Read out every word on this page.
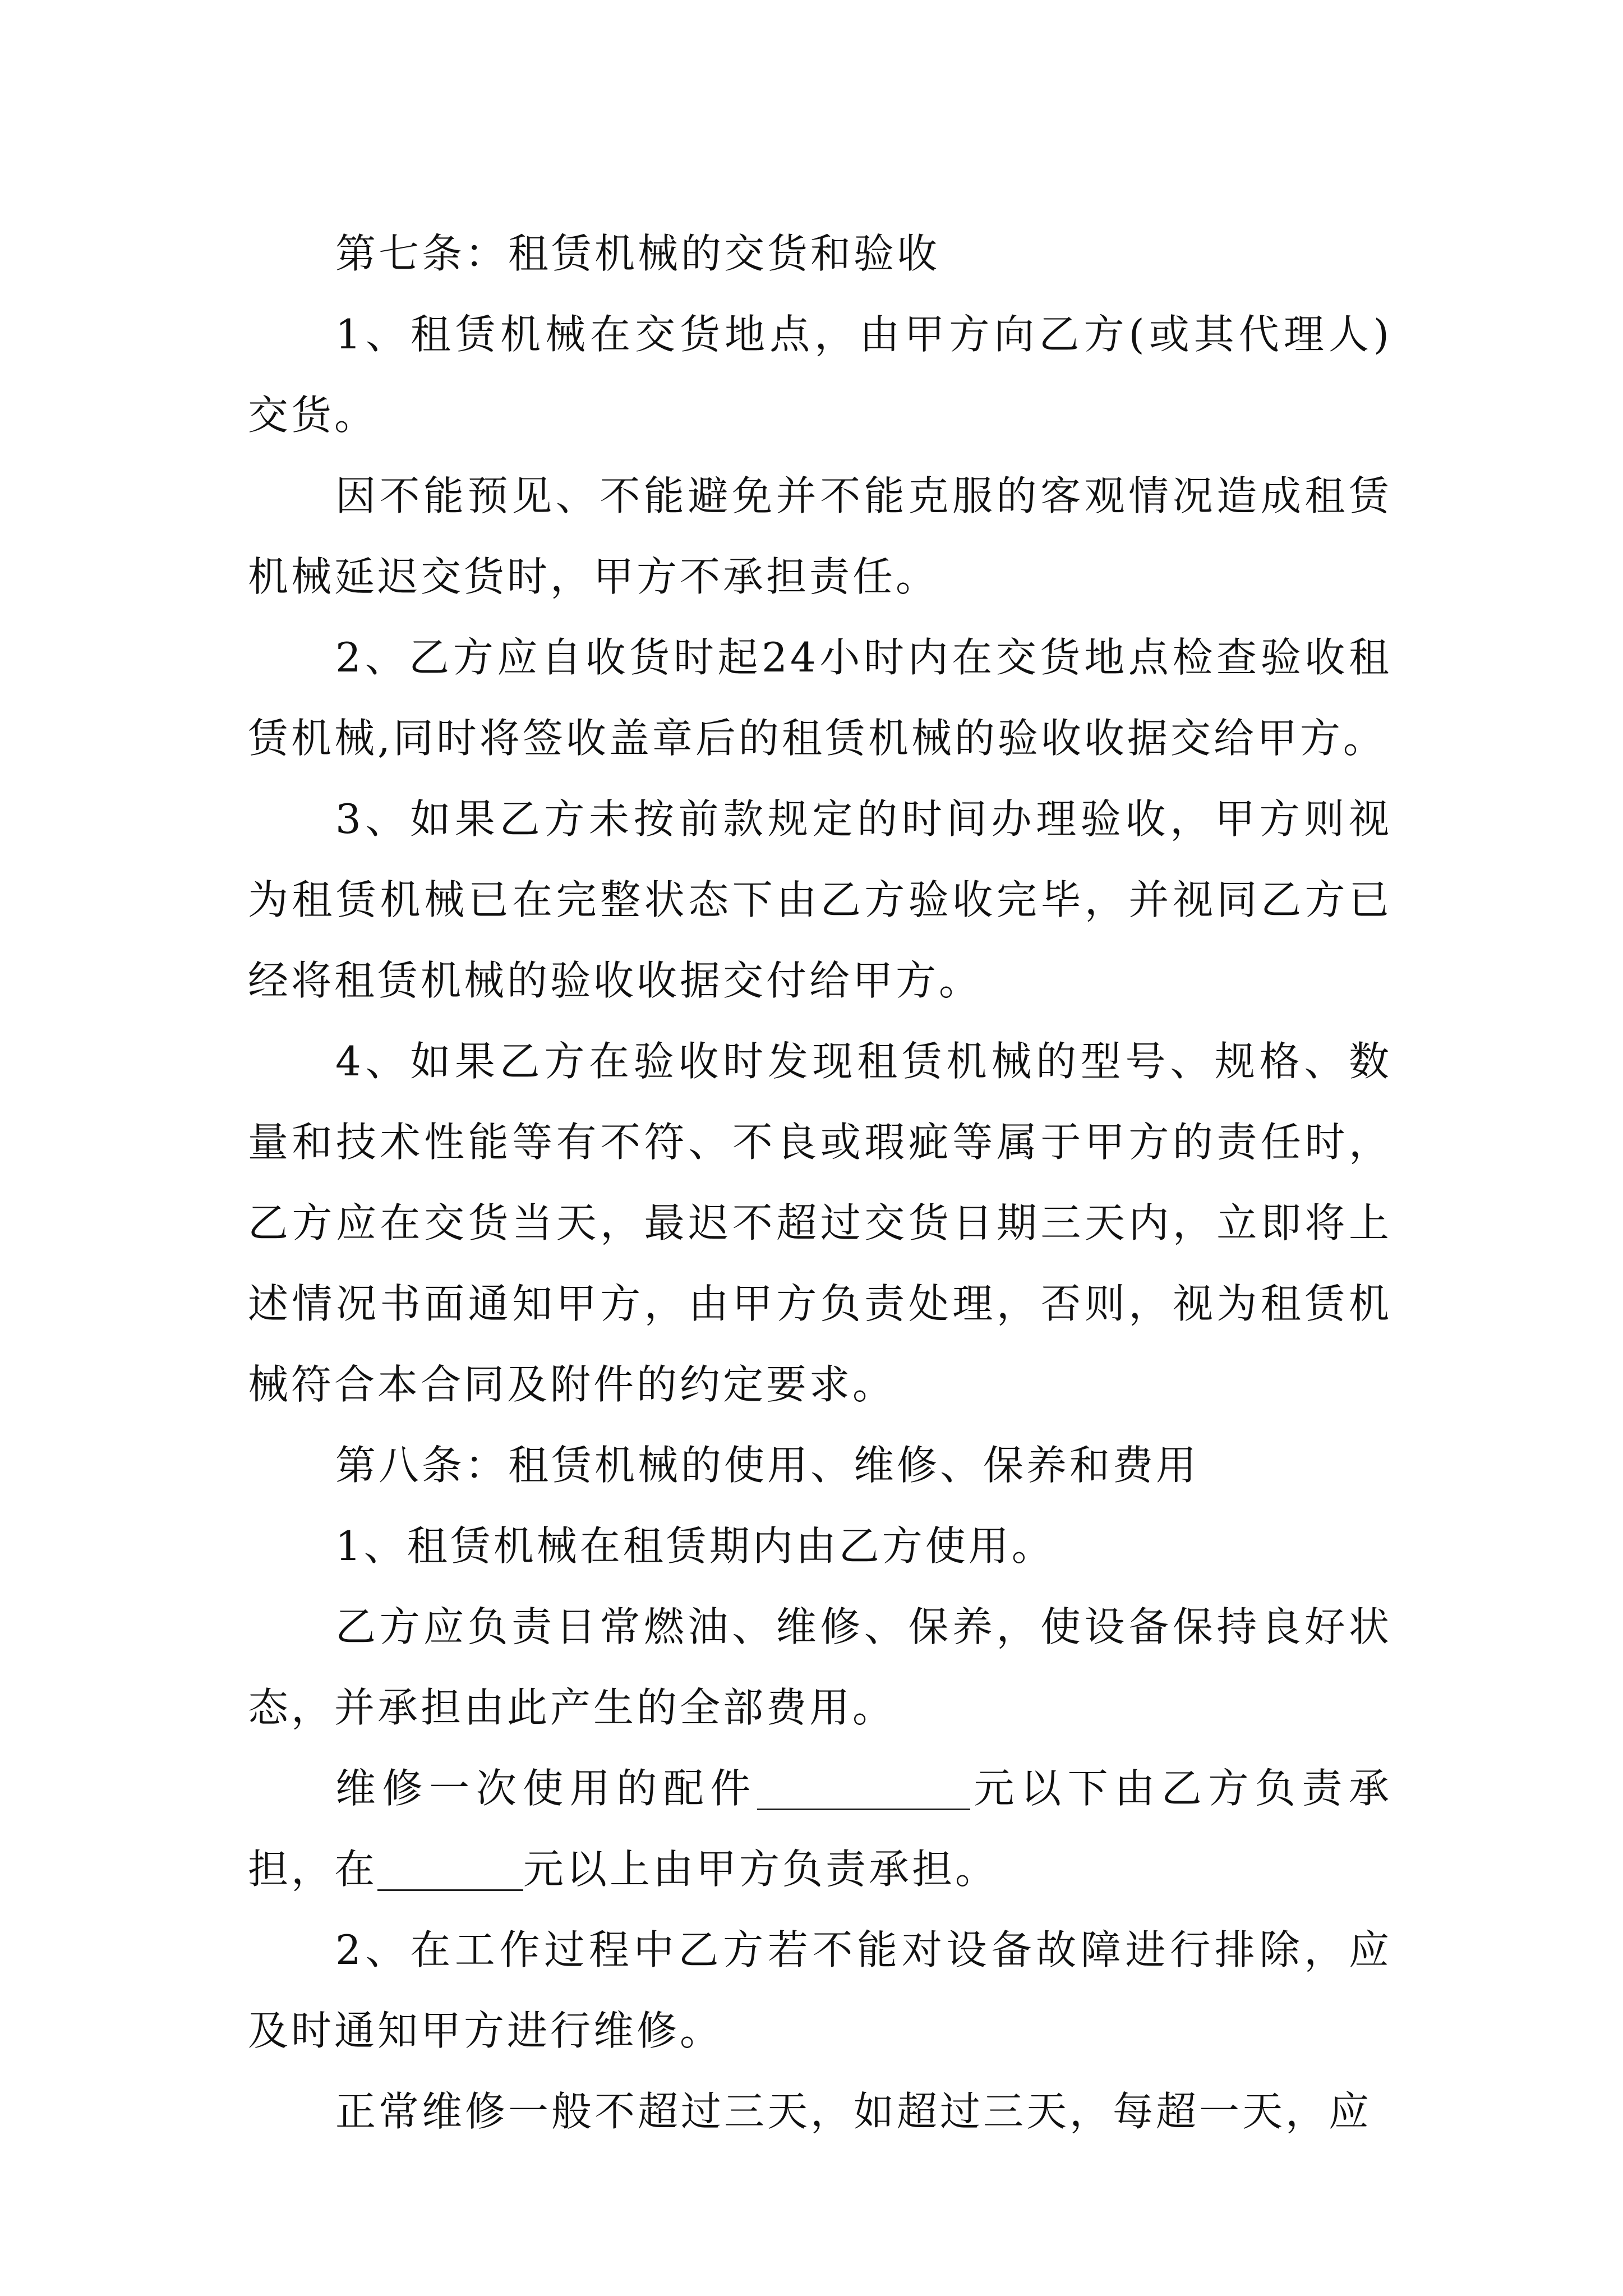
第七条：租赁机械的交货和验收

1、租赁机械在交货地点，由甲方向乙方(或其代理人)交货。

因不能预见、不能避免并不能克服的客观情况造成租赁机械延迟交货时，甲方不承担责任。

2、乙方应自收货时起24小时内在交货地点检查验收租赁机械,同时将签收盖章后的租赁机械的验收收据交给甲方。

3、如果乙方未按前款规定的时间办理验收，甲方则视为租赁机械已在完整状态下由乙方验收完毕，并视同乙方已经将租赁机械的验收收据交付给甲方。

4、如果乙方在验收时发现租赁机械的型号、规格、数量和技术性能等有不符、不良或瑕疵等属于甲方的责任时，乙方应在交货当天，最迟不超过交货日期三天内，立即将上述情况书面通知甲方，由甲方负责处理，否则，视为租赁机械符合本合同及附件的约定要求。

第八条：租赁机械的使用、维修、保养和费用

1、租赁机械在租赁期内由乙方使用。

乙方应负责日常燃油、维修、保养，使设备保持良好状态，并承担由此产生的全部费用。

维修一次使用的配件	元以下由乙方负责承担，在	元以上由甲方负责承担。

2、在工作过程中乙方若不能对设备故障进行排除，应及时通知甲方进行维修。

正常维修一般不超过三天，如超过三天，每超一天，应
